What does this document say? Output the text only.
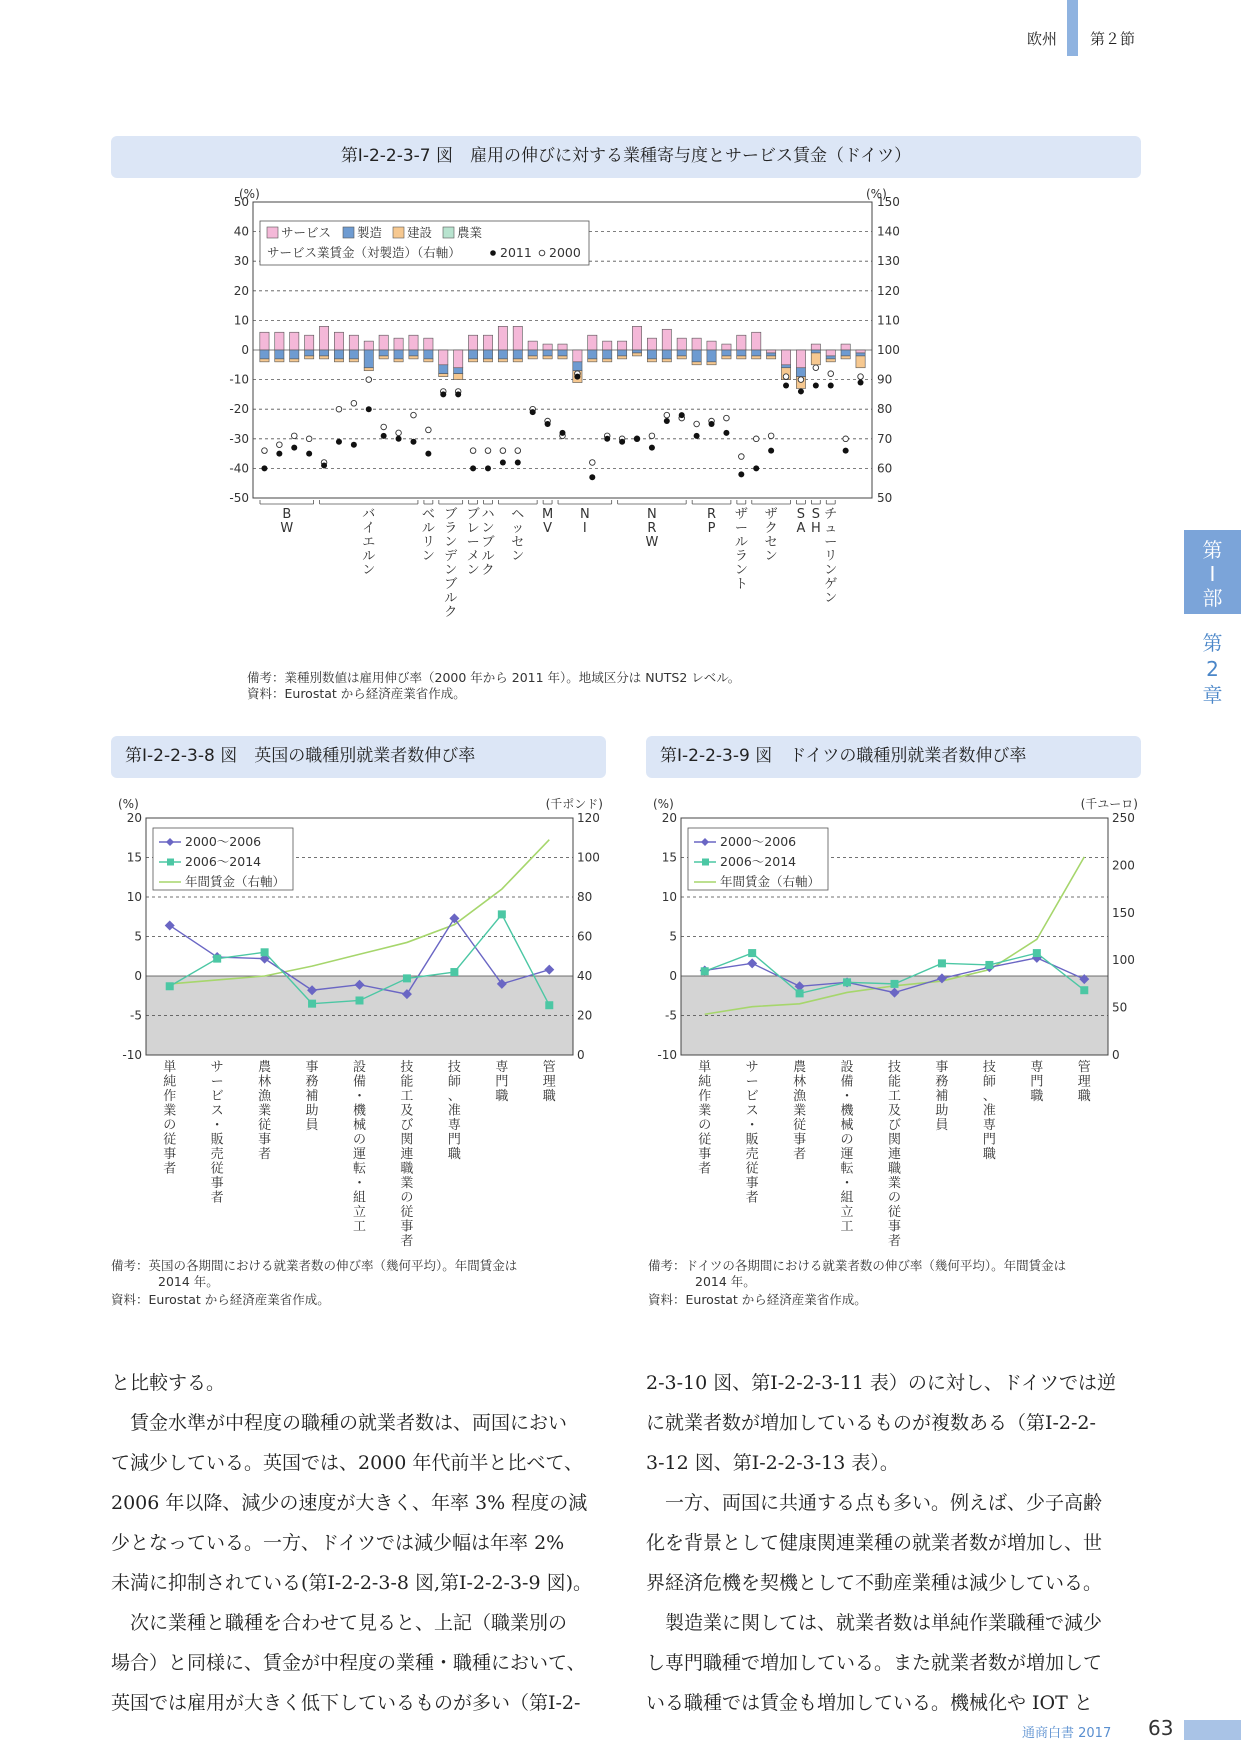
欧州 第２節
第
I
部
第
2
章
第Ⅰ-2-2-3-7 図　雇用の伸びに対する業種寄与度とサービス賃金（ドイツ）
(%)	(%)
50	150
40	140
30	130
20	120
10	110
0	100
-10	90
-20	80
-30	70
-40	60
-50	50
B W
バイエルン
ベルリン
ブランデンブルク
ブレーメン
ハンブルク
ヘッセン
M V
N I
N R W
R P
ザールラント
ザクセン
S A
S H
チューリンゲン
サービス 製造 建設 農業
サービス業賃金（対製造）（右軸）	2011 2000
備考：業種別数値は雇用伸び率（2000 年から 2011 年）。地域区分は NUTS2 レベル。
資料：Eurostat から経済産業省作成。
第Ⅰ-2-2-3-8 図　英国の職種別就業者数伸び率
(%)	(千ポンド)
20
15
10
5
0
-5
-10
120
100
80
60
40
20
0
単純作業の従事者
サービス・販売従事者
農林漁業従事者
事務補助員
設備・機械の運転・組立工
技能工及び関連職業の従事者
技師、准専門職
専門職
管理職
2000〜2006
2006〜2014
年間賃金（右軸）
備考：英国の各期間における就業者数の伸び率（幾何平均）。年間賃金は
2014 年。
資料：Eurostat から経済産業省作成。
第Ⅰ-2-2-3-9 図　ドイツの職種別就業者数伸び率
(%)	(千ユーロ)
20
15
10
5
0
-5
-10
250
200
150
100
50
0
単純作業の従事者
サービス・販売従事者
農林漁業従事者
設備・機械の運転・組立工
技能工及び関連職業の従事者
事務補助員
技師、准専門職
専門職
管理職
2000〜2006
2006〜2014
年間賃金（右軸）
備考：ドイツの各期間における就業者数の伸び率（幾何平均）。年間賃金は
2014 年。
資料：Eurostat から経済産業省作成。

と比較する。

　賃金水準が中程度の職種の就業者数は、両国におい

て減少している。英国では、2000 年代前半と比べて、

2006 年以降、減少の速度が大きく、年率 3% 程度の減

少となっている。一方、ドイツでは減少幅は年率 2%

未満に抑制されている(第Ⅰ-2-2-3-8 図,第Ⅰ-2-2-3-9 図)。

　次に業種と職種を合わせて見ると、上記（職業別の

場合）と同様に、賃金が中程度の業種・職種において、

英国では雇用が大きく低下しているものが多い（第Ⅰ-2-

2-3-10 図、第Ⅰ-2-2-3-11 表）のに対し、ドイツでは逆

に就業者数が増加しているものが複数ある（第Ⅰ-2-2-

3-12 図、第Ⅰ-2-2-3-13 表）。

　一方、両国に共通する点も多い。例えば、少子高齢

化を背景として健康関連業種の就業者数が増加し、世

界経済危機を契機として不動産業種は減少している。

　製造業に関しては、就業者数は単純作業職種で減少

し専門職種で増加している。また就業者数が増加して

いる職種では賃金も増加している。機械化や IOT と

通商白書 2017 63
